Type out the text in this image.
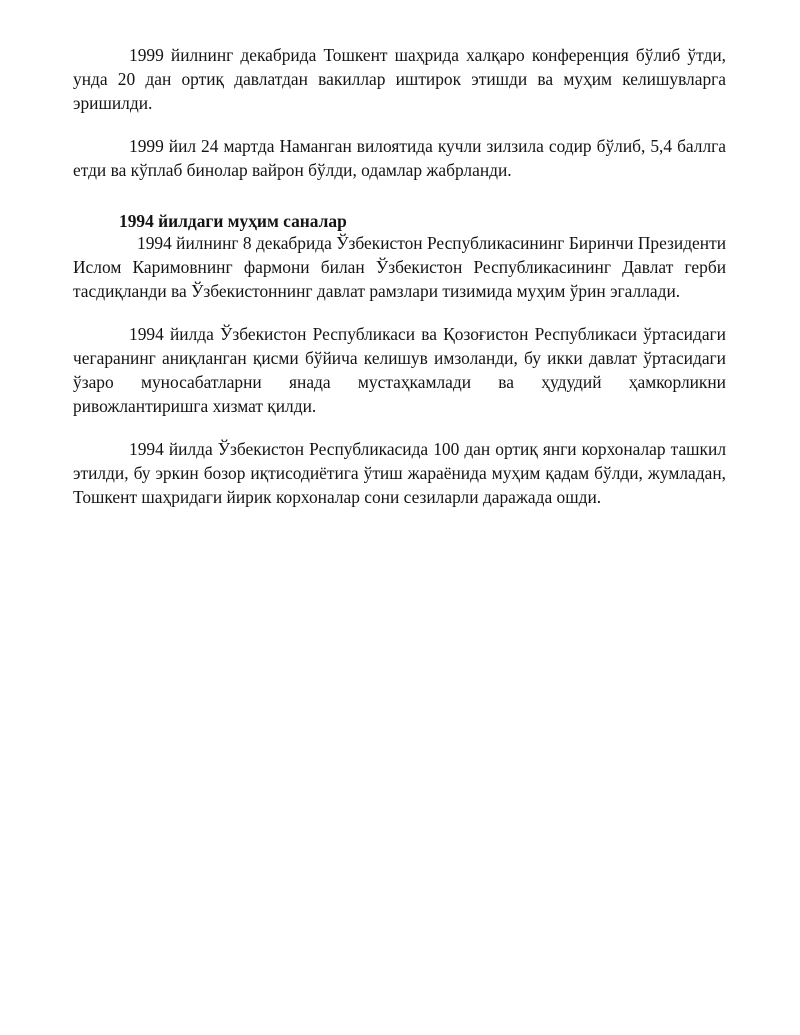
1999 йилнинг декабрида Тошкент шаҳрида халқаро конференция бўлиб ўтди, унда 20 дан ортиқ давлатдан вакиллар иштирок этишди ва муҳим келишувларга эришилди.

1999 йил 24 мартда Наманган вилоятида кучли зилзила содир бўлиб, 5,4 баллга етди ва кўплаб бинолар вайрон бўлди, одамлар жабрланди.

1994 йилдаги муҳим саналар

1994 йилнинг 8 декабрида Ўзбекистон Республикасининг Биринчи Президенти Ислом Каримовнинг фармони билан Ўзбекистон Республикасининг Давлат герби тасдиқланди ва Ўзбекистоннинг давлат рамзлари тизимида муҳим ўрин эгаллади.

1994 йилда Ўзбекистон Республикаси ва Қозоғистон Республикаси ўртасидаги чегаранинг аниқланган қисми бўйича келишув имзоланди, бу икки давлат ўртасидаги ўзаро муносабатларни янада мустаҳкамлади ва ҳудудий ҳамкорликни ривожлантиришга хизмат қилди.

1994 йилда Ўзбекистон Республикасида 100 дан ортиқ янги корхоналар ташкил этилди, бу эркин бозор иқтисодиётига ўтиш жараёнида муҳим қадам бўлди, жумладан, Тошкент шаҳридаги йирик корхоналар сони сезиларли даражада ошди.
